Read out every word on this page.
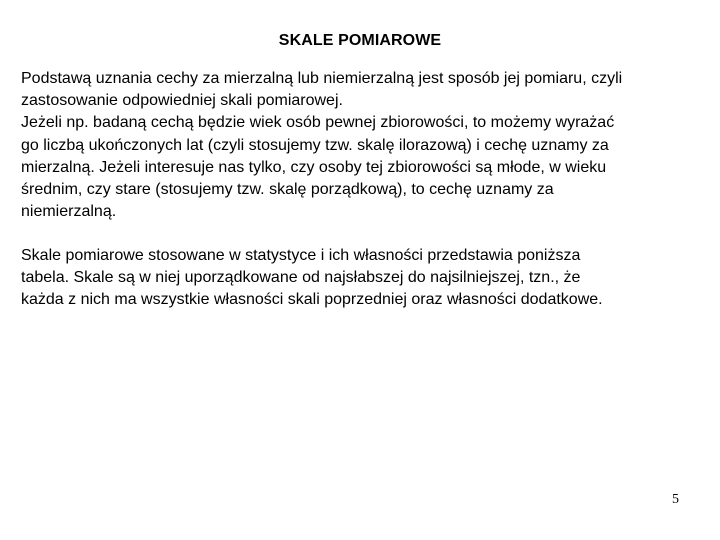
SKALE POMIAROWE

Podstawą uznania cechy za mierzalną lub niemierzalną jest sposób jej pomiaru, czyli
zastosowanie odpowiedniej skali pomiarowej.
Jeżeli np. badaną cechą będzie wiek osób pewnej zbiorowości, to możemy wyrażać
go liczbą ukończonych lat (czyli stosujemy tzw. skalę ilorazową) i cechę uznamy za
mierzalną. Jeżeli interesuje nas tylko, czy osoby tej zbiorowości są młode, w wieku
średnim, czy stare (stosujemy tzw. skalę porządkową), to cechę uznamy za
niemierzalną.

Skale pomiarowe stosowane w statystyce i ich własności przedstawia poniższa
tabela. Skale są w niej uporządkowane od najsłabszej do najsilniejszej, tzn., że
każda z nich ma wszystkie własności skali poprzedniej oraz własności dodatkowe.

5
